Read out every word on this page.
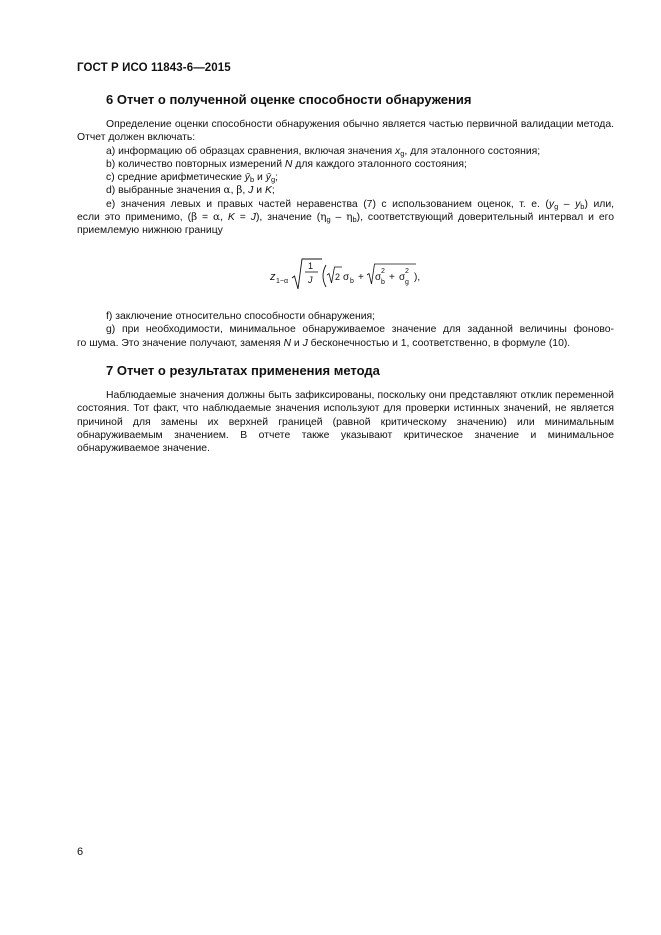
ГОСТ Р ИСО 11843-6—2015
6 Отчет о полученной оценке способности обнаружения

Определение оценки способности обнаружения обычно является частью первичной валидации метода. Отчет должен включать:

a) информацию об образцах сравнения, включая значения $x_g$, для эталонного состояния;

b) количество повторных измерений N для каждого эталонного состояния;

c) средние арифметические $ȳ_b$ и $ȳ_g$;

d) выбранные значения α, β, J и K;

e) значения левых и правых частей неравенства (7) с использованием оценок, т. е. $(y_g - y_b)$ или,

если это применимо, (β = α, K = J), значение $(\eta_g - \eta_b)$, соответствующий доверительный интервал и его

приемлемую нижнюю границу

z 1−α
1
J	2 σ b + σ
2
b + σ
2
g ),

f) заключение относительно способности обнаружения;

g) при необходимости, минимальное обнаруживаемое значение для заданной величины фоново-

го шума. Это значение получают, заменяя N и J бесконечностью и 1, соответственно, в формуле (10).

7 Отчет о результатах применения метода

Наблюдаемые значения должны быть зафиксированы, поскольку они представляют отклик переменной состояния. Тот факт, что наблюдаемые значения используют для проверки истинных значений, не является причиной для замены их верхней границей (равной критическому значению) или минимальным обнаруживаемым значением. В отчете также указывают критическое значение и минимальное обнаруживаемое значение.

6
